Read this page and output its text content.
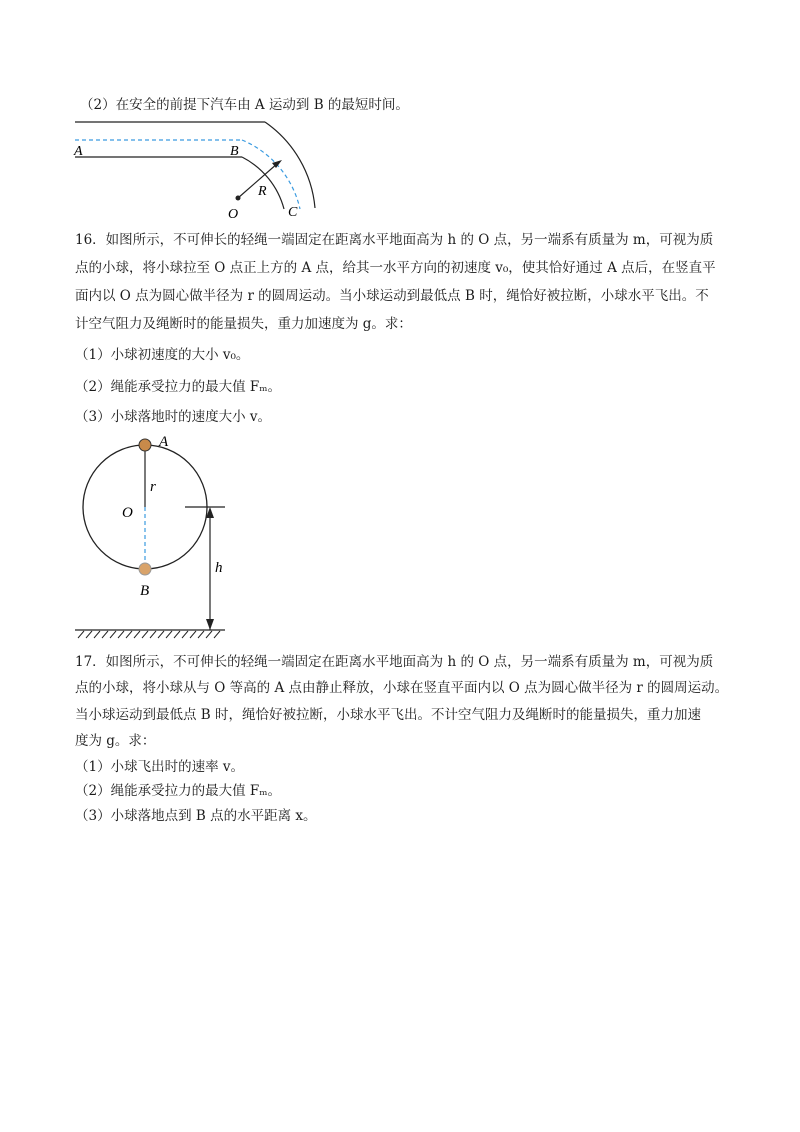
（2）在安全的前提下汽车由 A 运动到 B 的最短时间。
A	B
R
O	C
16．如图所示，不可伸长的轻绳一端固定在距离水平地面高为 h 的 O 点，另一端系有质量为 m，可视为质
点的小球，将小球拉至 O 点正上方的 A 点，给其一水平方向的初速度 v₀，使其恰好通过 A 点后，在竖直平
面内以 O 点为圆心做半径为 r 的圆周运动。当小球运动到最低点 B 时，绳恰好被拉断，小球水平飞出。不
计空气阻力及绳断时的能量损失，重力加速度为 g。求：
（1）小球初速度的大小 v₀。
（2）绳能承受拉力的最大值 Fₘ。
（3）小球落地时的速度大小 v。
A
r
O
B
h
17．如图所示，不可伸长的轻绳一端固定在距离水平地面高为 h 的 O 点，另一端系有质量为 m，可视为质
点的小球，将小球从与 O 等高的 A 点由静止释放，小球在竖直平面内以 O 点为圆心做半径为 r 的圆周运动。
当小球运动到最低点 B 时，绳恰好被拉断，小球水平飞出。不计空气阻力及绳断时的能量损失，重力加速
度为 g。求：
（1）小球飞出时的速率 v。
（2）绳能承受拉力的最大值 Fₘ。
（3）小球落地点到 B 点的水平距离 x。
